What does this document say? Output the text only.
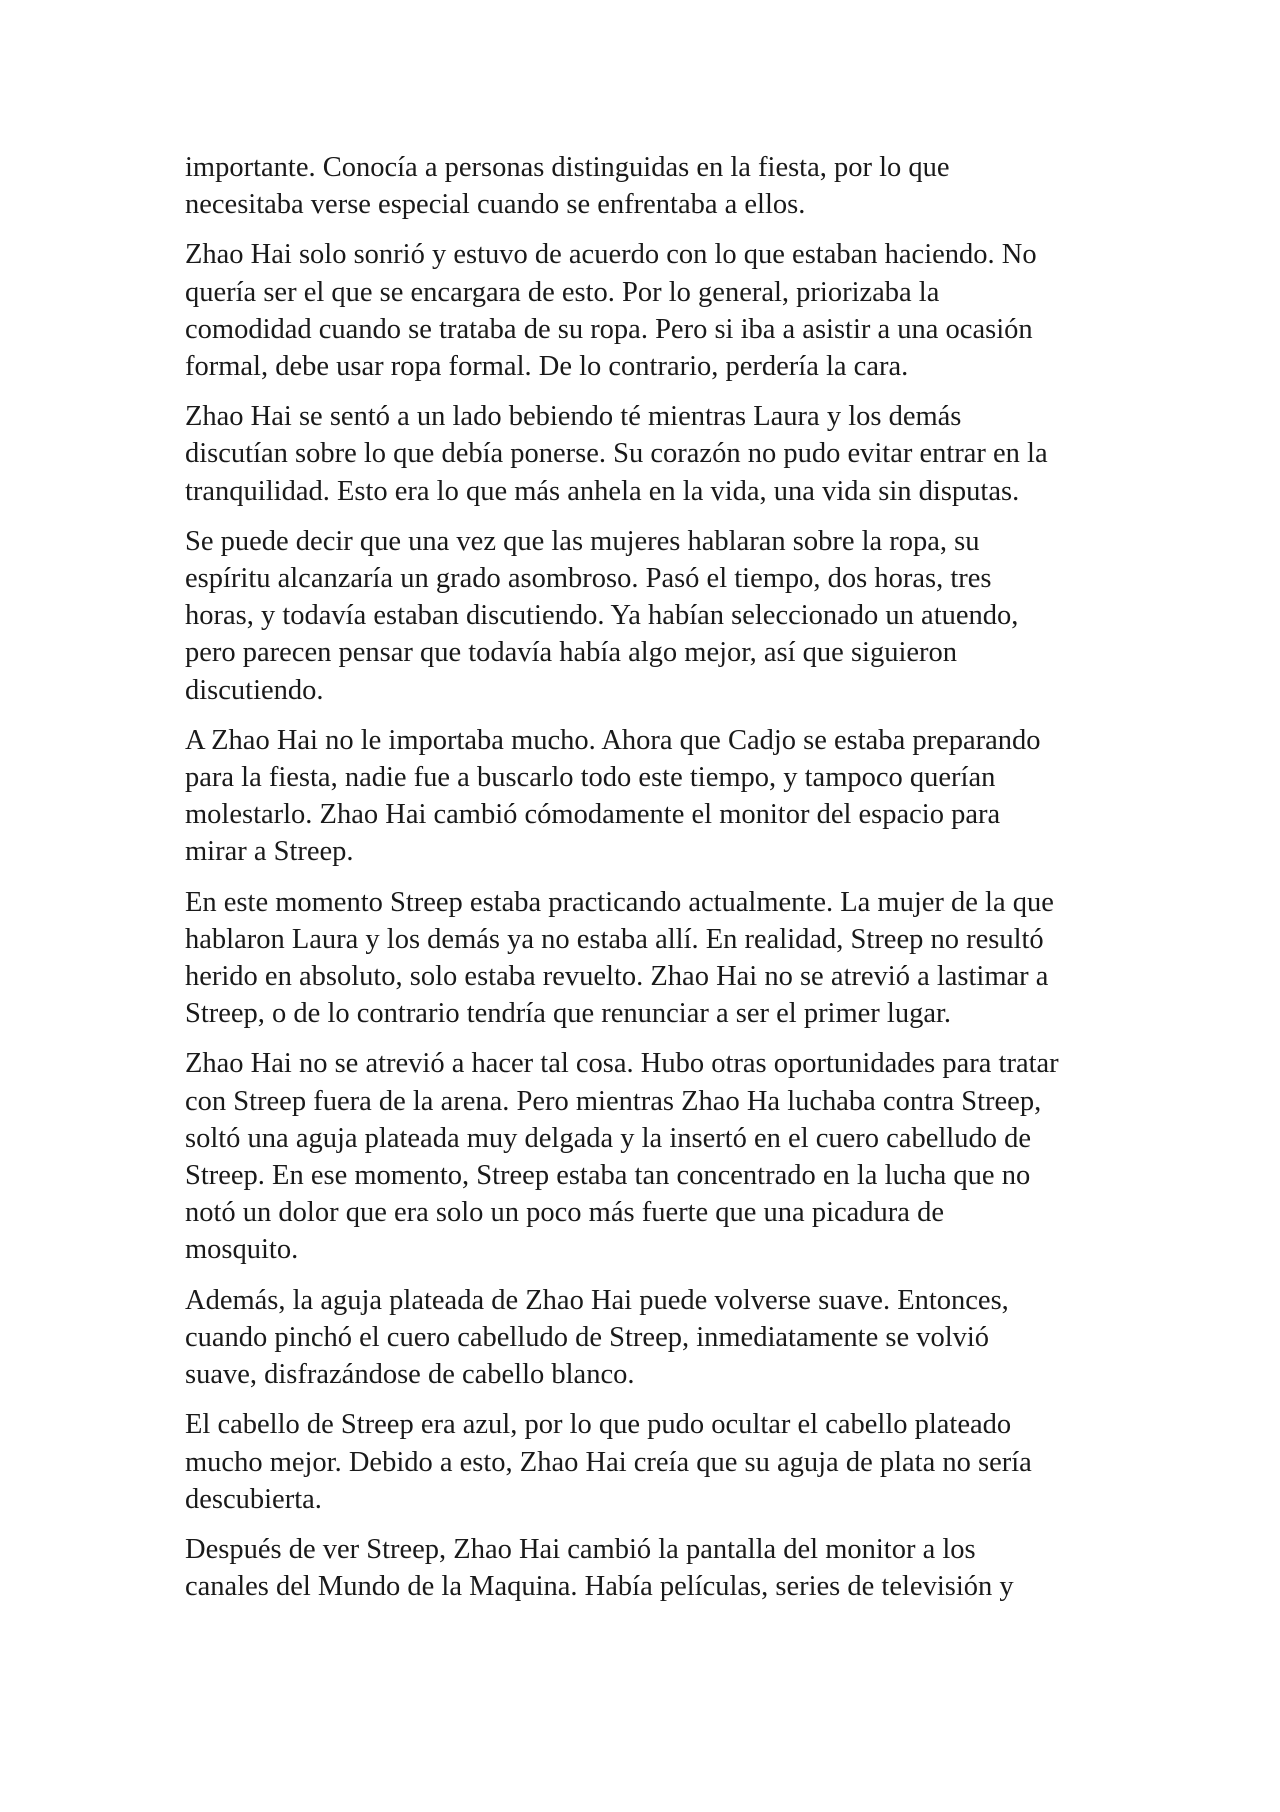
importante. Conocía a personas distinguidas en la fiesta, por lo que
necesitaba verse especial cuando se enfrentaba a ellos.

Zhao Hai solo sonrió y estuvo de acuerdo con lo que estaban haciendo. No
quería ser el que se encargara de esto. Por lo general, priorizaba la
comodidad cuando se trataba de su ropa. Pero si iba a asistir a una ocasión
formal, debe usar ropa formal. De lo contrario, perdería la cara.

Zhao Hai se sentó a un lado bebiendo té mientras Laura y los demás
discutían sobre lo que debía ponerse. Su corazón no pudo evitar entrar en la
tranquilidad. Esto era lo que más anhela en la vida, una vida sin disputas.

Se puede decir que una vez que las mujeres hablaran sobre la ropa, su
espíritu alcanzaría un grado asombroso. Pasó el tiempo, dos horas, tres
horas, y todavía estaban discutiendo. Ya habían seleccionado un atuendo,
pero parecen pensar que todavía había algo mejor, así que siguieron
discutiendo.

A Zhao Hai no le importaba mucho. Ahora que Cadjo se estaba preparando
para la fiesta, nadie fue a buscarlo todo este tiempo, y tampoco querían
molestarlo. Zhao Hai cambió cómodamente el monitor del espacio para
mirar a Streep.

En este momento Streep estaba practicando actualmente. La mujer de la que
hablaron Laura y los demás ya no estaba allí. En realidad, Streep no resultó
herido en absoluto, solo estaba revuelto. Zhao Hai no se atrevió a lastimar a
Streep, o de lo contrario tendría que renunciar a ser el primer lugar.

Zhao Hai no se atrevió a hacer tal cosa. Hubo otras oportunidades para tratar
con Streep fuera de la arena. Pero mientras Zhao Ha luchaba contra Streep,
soltó una aguja plateada muy delgada y la insertó en el cuero cabelludo de
Streep. En ese momento, Streep estaba tan concentrado en la lucha que no
notó un dolor que era solo un poco más fuerte que una picadura de
mosquito.

Además, la aguja plateada de Zhao Hai puede volverse suave. Entonces,
cuando pinchó el cuero cabelludo de Streep, inmediatamente se volvió
suave, disfrazándose de cabello blanco.

El cabello de Streep era azul, por lo que pudo ocultar el cabello plateado
mucho mejor. Debido a esto, Zhao Hai creía que su aguja de plata no sería
descubierta.

Después de ver Streep, Zhao Hai cambió la pantalla del monitor a los
canales del Mundo de la Maquina. Había películas, series de televisión y
